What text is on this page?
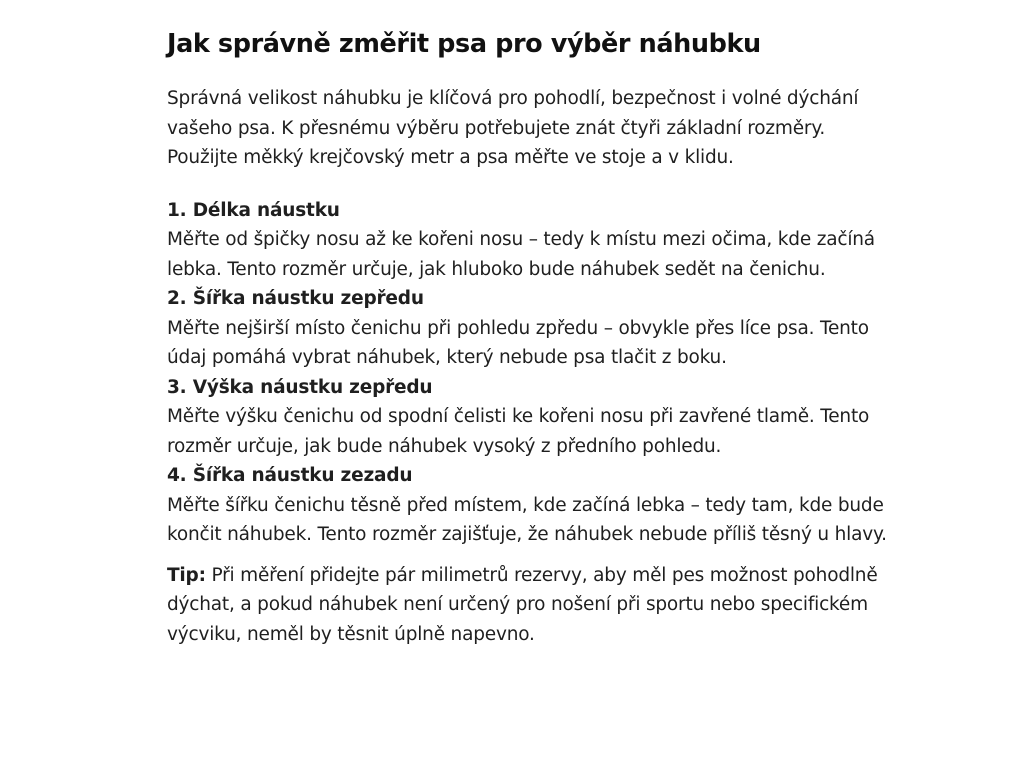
Jak správně změřit psa pro výběr náhubku

Správná velikost náhubku je klíčová pro pohodlí, bezpečnost i volné dýchání vašeho psa. K přesnému výběru potřebujete znát čtyři základní rozměry. Použijte měkký krejčovský metr a psa měřte ve stoje a v klidu.

1. Délka náustku
Měřte od špičky nosu až ke kořeni nosu – tedy k místu mezi očima, kde začíná lebka. Tento rozměr určuje, jak hluboko bude náhubek sedět na čenichu.

2. Šířka náustku zepředu
Měřte nejširší místo čenichu při pohledu zpředu – obvykle přes líce psa. Tento údaj pomáhá vybrat náhubek, který nebude psa tlačit z boku.

3. Výška náustku zepředu
Měřte výšku čenichu od spodní čelisti ke kořeni nosu při zavřené tlamě. Tento rozměr určuje, jak bude náhubek vysoký z předního pohledu.

4. Šířka náustku zezadu
Měřte šířku čenichu těsně před místem, kde začíná lebka – tedy tam, kde bude končit náhubek. Tento rozměr zajišťuje, že náhubek nebude příliš těsný u hlavy.

Tip: Při měření přidejte pár milimetrů rezervy, aby měl pes možnost pohodlně dýchat, a pokud náhubek není určený pro nošení při sportu nebo specifickém výcviku, neměl by těsnit úplně napevno.
